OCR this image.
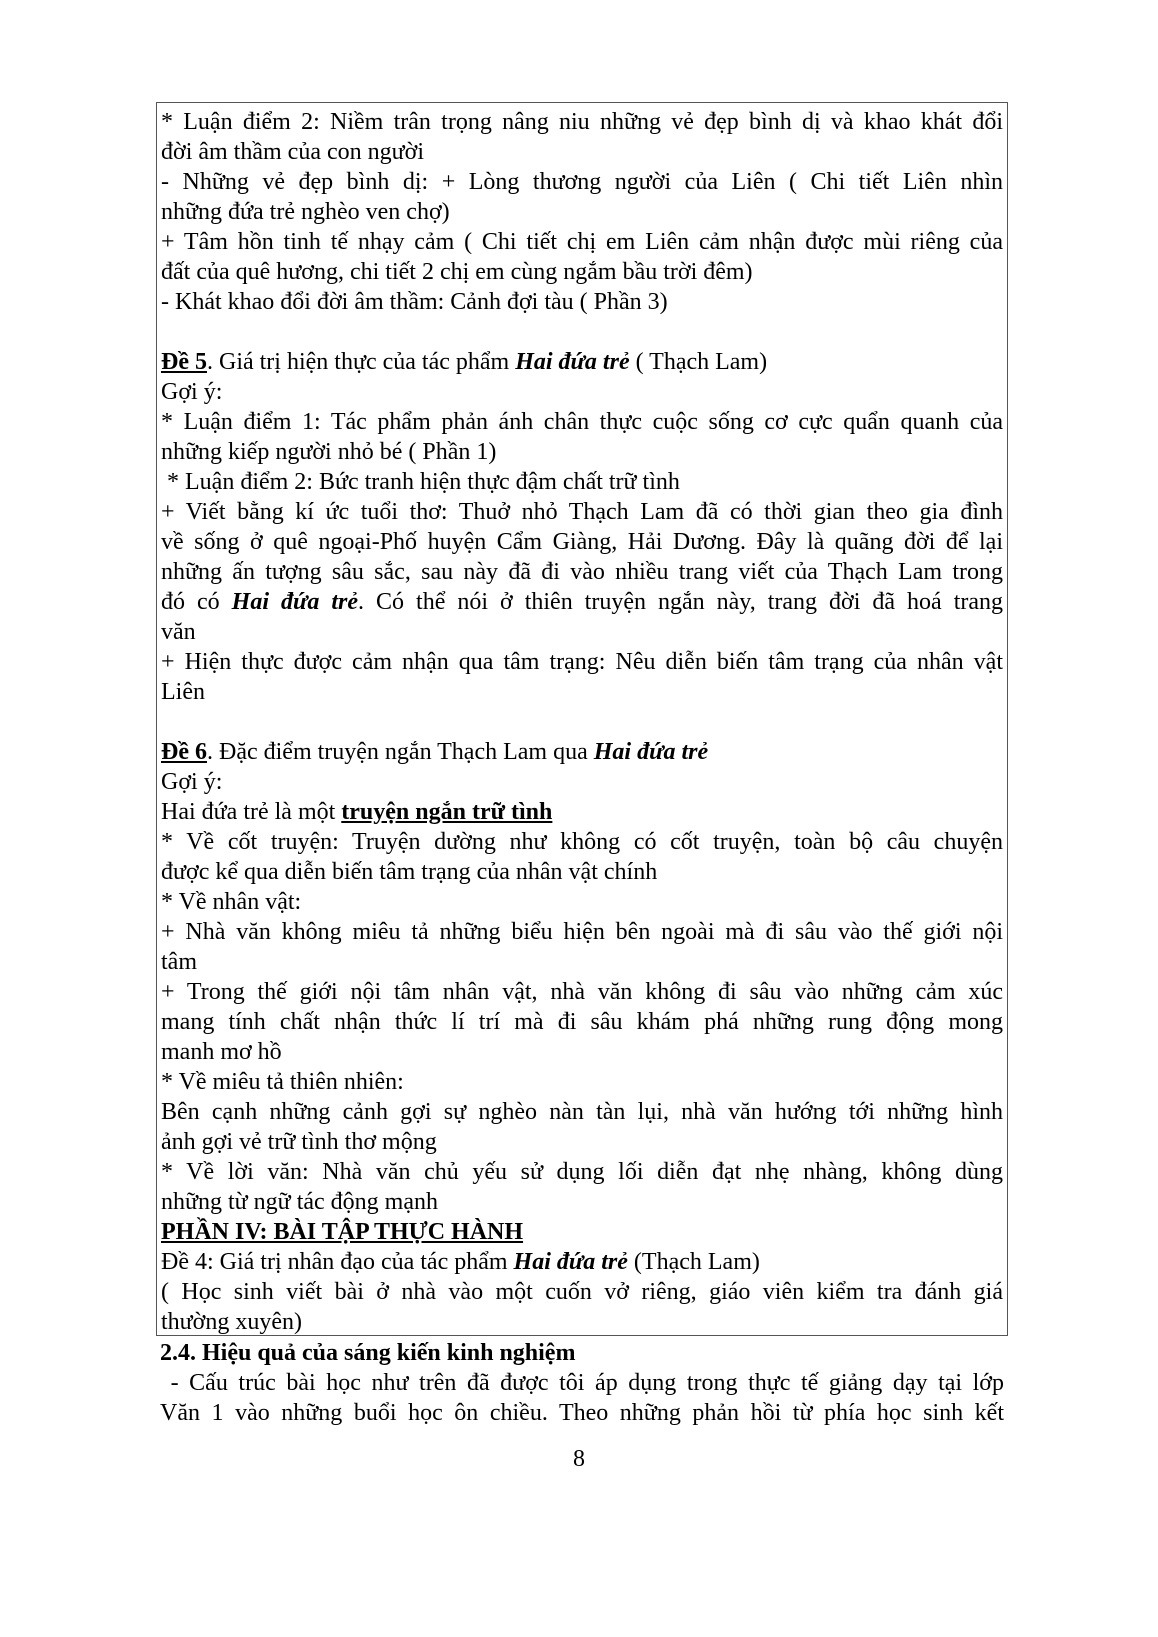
* Luận điểm 2: Niềm trân trọng nâng niu những vẻ đẹp bình dị và khao khát đổi
đời âm thầm của con người
- Những vẻ đẹp bình dị: + Lòng thương người của Liên ( Chi tiết Liên nhìn
những đứa trẻ nghèo ven chợ)
+ Tâm hồn tinh tế nhạy cảm ( Chi tiết chị em Liên cảm nhận được mùi riêng của
đất của quê hương, chi tiết 2 chị em cùng ngắm bầu trời đêm)
- Khát khao đổi đời âm thầm: Cảnh đợi tàu ( Phần 3)
Đề 5. Giá trị hiện thực của tác phẩm Hai đứa trẻ ( Thạch Lam)
Gợi ý:
* Luận điểm 1: Tác phẩm phản ánh chân thực cuộc sống cơ cực quẩn quanh của
những kiếp người nhỏ bé ( Phần 1)
* Luận điểm 2: Bức tranh hiện thực đậm chất trữ tình
+ Viết bằng kí ức tuổi thơ: Thuở nhỏ Thạch Lam đã có thời gian theo gia đình
về sống ở quê ngoại-Phố huyện Cẩm Giàng, Hải Dương. Đây là quãng đời để lại
những ấn tượng sâu sắc, sau này đã đi vào nhiều trang viết của Thạch Lam trong
đó có Hai đứa trẻ. Có thể nói ở thiên truyện ngắn này, trang đời đã hoá trang
văn
+ Hiện thực được cảm nhận qua tâm trạng: Nêu diễn biến tâm trạng của nhân vật
Liên
Đề 6. Đặc điểm truyện ngắn Thạch Lam qua Hai đứa trẻ
Gợi ý:
Hai đứa trẻ là một truyện ngắn trữ tình
* Về cốt truyện: Truyện dường như không có cốt truyện, toàn bộ câu chuyện
được kể qua diễn biến tâm trạng của nhân vật chính
* Về nhân vật:
+ Nhà văn không miêu tả những biểu hiện bên ngoài mà đi sâu vào thế giới nội
tâm
+ Trong thế giới nội tâm nhân vật, nhà văn không đi sâu vào những cảm xúc
mang tính chất nhận thức lí trí mà đi sâu khám phá những rung động mong
manh mơ hồ
* Về miêu tả thiên nhiên:
Bên cạnh những cảnh gợi sự nghèo nàn tàn lụi, nhà văn hướng tới những hình
ảnh gợi vẻ trữ tình thơ mộng
* Về lời văn: Nhà văn chủ yếu sử dụng lối diễn đạt nhẹ nhàng, không dùng
những từ ngữ tác động mạnh
PHẦN IV: BÀI TẬP THỰC HÀNH
Đề 4: Giá trị nhân đạo của tác phẩm Hai đứa trẻ (Thạch Lam)
( Học sinh viết bài ở nhà vào một cuốn vở riêng, giáo viên kiểm tra đánh giá
thường xuyên)
2.4. Hiệu quả của sáng kiến kinh nghiệm
- Cấu trúc bài học như trên đã được tôi áp dụng trong thực tế giảng dạy tại lớp
Văn 1 vào những buổi học ôn chiều. Theo những phản hồi từ phía học sinh kết
8
